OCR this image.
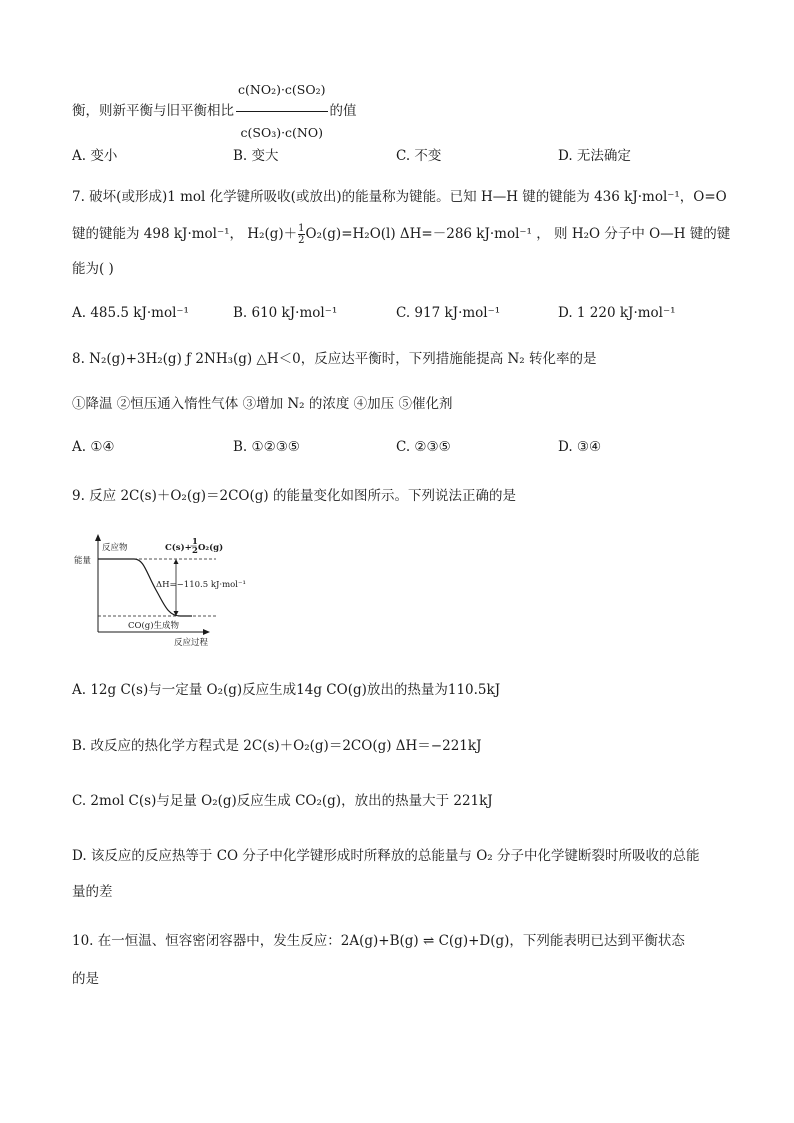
衡，则新平衡与旧平衡相比 $\frac{\text{c(NO₂)·c(SO₂)}}{\text{c(SO₃)·c(NO)}}$ 的值
A. 变小	B. 变大	C. 不变	D. 无法确定
7. 破坏(或形成)1 mol 化学键所吸收(或放出)的能量称为键能。已知 H—H 键的键能为 436 kJ·mol⁻¹，O=O
键的键能为 498 kJ·mol⁻¹， $H_2(g)+ \frac{1}{2} O_2(g)=H_2O(l)$ ΔH=－286 kJ·mol⁻¹ ， 则 H₂O 分子中 O—H 键的键
能为( )
A. 485.5 kJ·mol⁻¹	B. 610 kJ·mol⁻¹	C. 917 kJ·mol⁻¹	D. 1 220 kJ·mol⁻¹
8. N₂(g)+3H₂(g) ƒ 2NH₃(g) △H＜0，反应达平衡时，下列措施能提高 N₂ 转化率的是
①降温 ②恒压通入惰性气体 ③增加 N₂ 的浓度 ④加压 ⑤催化剂
A. ①④	B. ①②③⑤	C. ②③⑤	D. ③④
9. 反应 2C(s)＋O₂(g)＝2CO(g) 的能量变化如图所示。下列说法正确的是
能量
反应物	C(s)+
1
2 O₂(g)
ΔH=−110.5 kJ·mol⁻¹
CO(g)生成物
反应过程
A. 12g C(s)与一定量 O₂(g)反应生成14g CO(g)放出的热量为110.5kJ
B. 改反应的热化学方程式是 2C(s)＋O₂(g)＝2CO(g) ΔH＝−221kJ
C. 2mol C(s)与足量 O₂(g)反应生成 CO₂(g)，放出的热量大于 221kJ
D. 该反应的反应热等于 CO 分子中化学键形成时所释放的总能量与 O₂ 分子中化学键断裂时所吸收的总能
量的差
10. 在一恒温、恒容密闭容器中，发生反应：2A(g)+B(g) ⇌ C(g)+D(g)，下列能表明已达到平衡状态
的是
